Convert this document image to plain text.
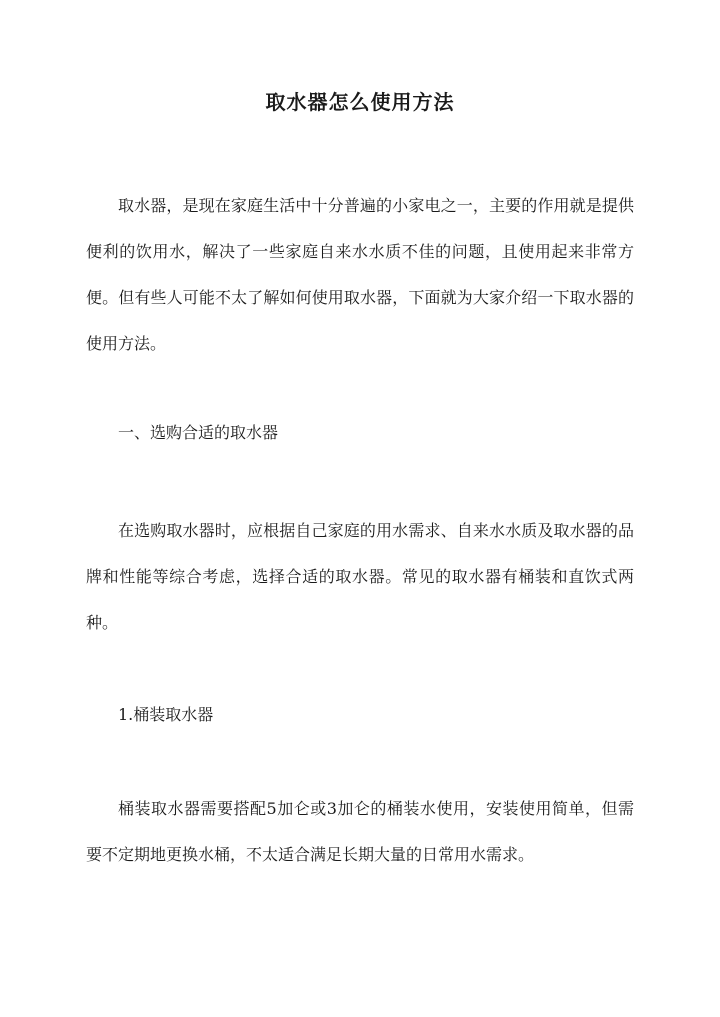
取水器怎么使用方法

取水器，是现在家庭生活中十分普遍的小家电之一，主要的作用就是提供便利的饮用水，解决了一些家庭自来水水质不佳的问题，且使用起来非常方便。但有些人可能不太了解如何使用取水器，下面就为大家介绍一下取水器的使用方法。

一、选购合适的取水器

在选购取水器时，应根据自己家庭的用水需求、自来水水质及取水器的品牌和性能等综合考虑，选择合适的取水器。常见的取水器有桶装和直饮式两种。

1.桶装取水器

桶装取水器需要搭配5加仑或3加仑的桶装水使用，安装使用简单，但需要不定期地更换水桶，不太适合满足长期大量的日常用水需求。
